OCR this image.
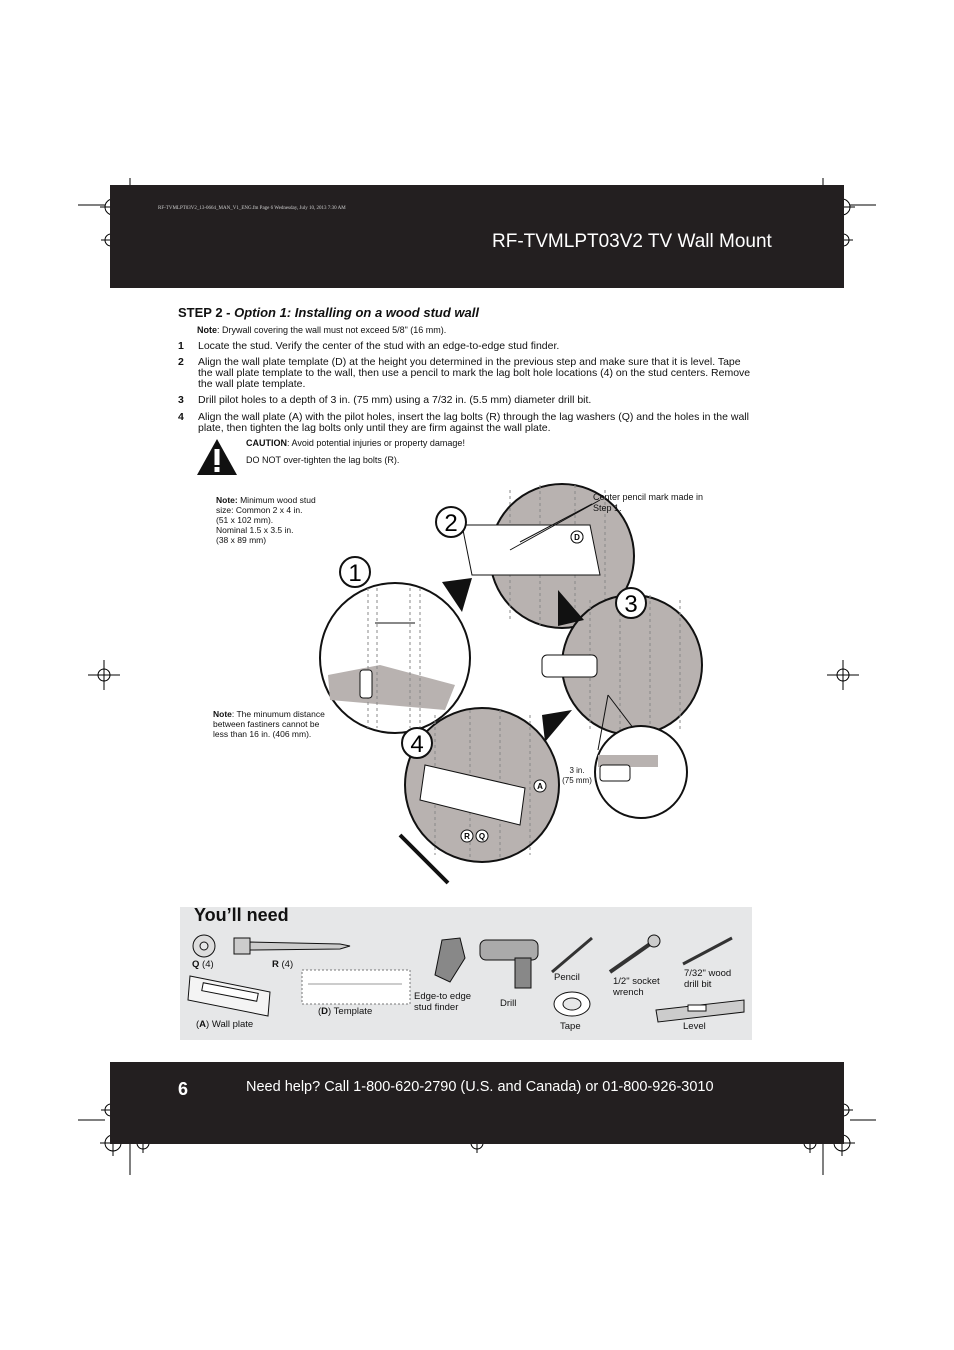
RF-TVMLPT03V2_13-0664_MAN_V1_ENG.fm Page 6 Wednesday, July 10, 2013 7:30 AM
RF-TVMLPT03V2 TV Wall Mount
STEP 2 - Option 1: Installing on a wood stud wall
Note: Drywall covering the wall must not exceed 5/8" (16 mm).
1 Locate the stud. Verify the center of the stud with an edge-to-edge stud finder.
2 Align the wall plate template (D) at the height you determined in the previous step and make sure that it is level. Tape the wall plate template to the wall, then use a pencil to mark the lag bolt hole locations (4) on the stud centers. Remove the wall plate template.
3 Drill pilot holes to a depth of 3 in. (75 mm) using a 7/32 in. (5.5 mm) diameter drill bit.
4 Align the wall plate (A) with the pilot holes, insert the lag bolts (R) through the lag washers (Q) and the holes in the wall plate, then tighten the lag bolts only until they are firm against the wall plate.
CAUTION: Avoid potential injuries or property damage!
DO NOT over-tighten the lag bolts (R).
2
1
3
4
D
A
R Q
Note: Minimum wood stud
size: Common 2 x 4 in.
(51 x 102 mm).
Nominal 1.5 x 3.5 in.
(38 x 89 mm)
Note: The minumum distance
between fastiners cannot be
less than 16 in. (406 mm).
Center pencil mark made in
Step 1.
3 in.
(75 mm)
You’ll need
Q (4)	R (4)
(A) Wall plate
(D) Template
Edge-to edge
stud finder	Drill
Pencil
Tape
1/2" socket
wrench
7/32" wood
drill bit
Level
6	Need help? Call 1-800-620-2790 (U.S. and Canada) or 01-800-926-3010
